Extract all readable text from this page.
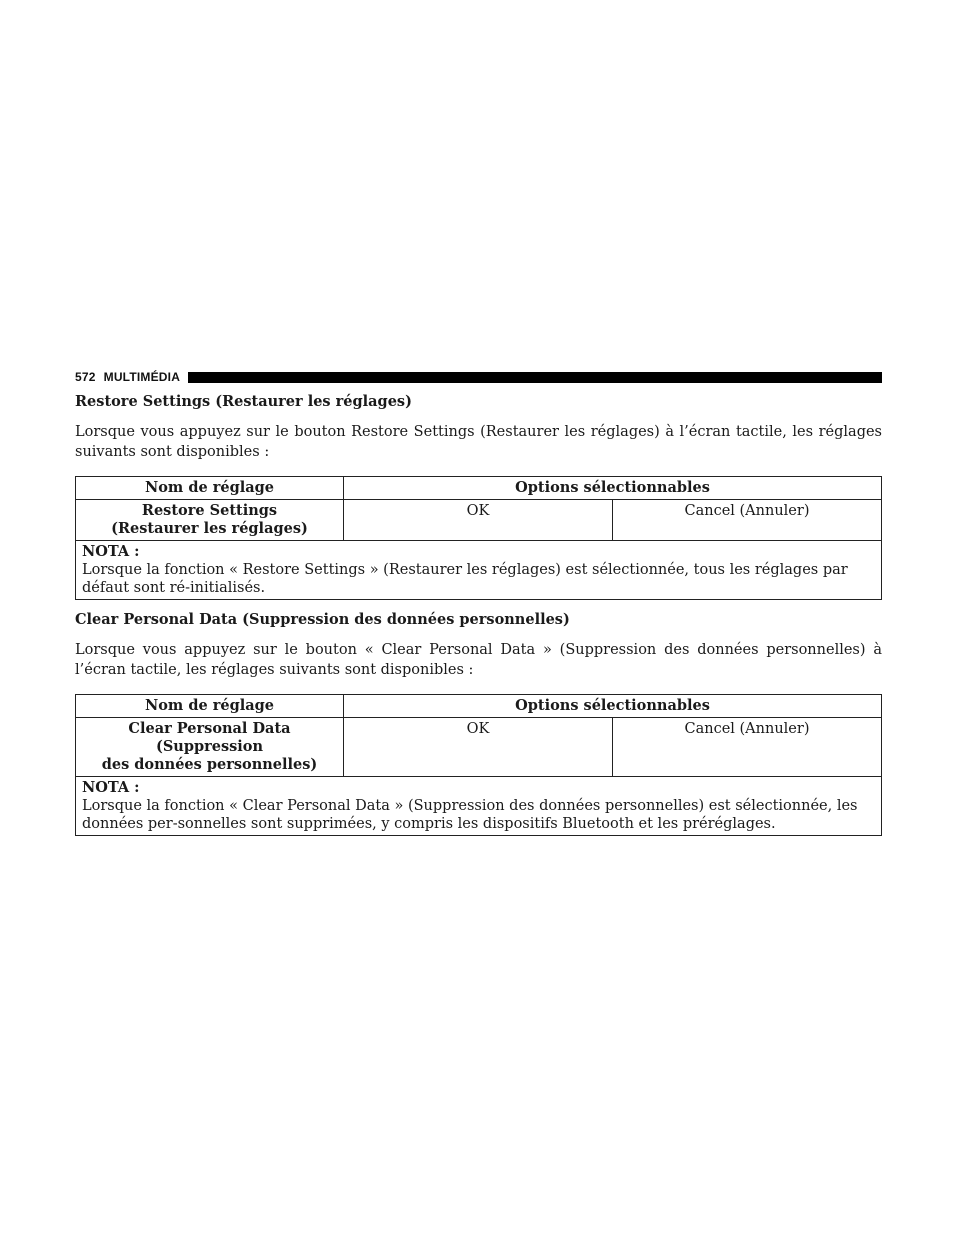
572 MULTIMÉDIA
Restore Settings (Restaurer les réglages)

Lorsque vous appuyez sur le bouton Restore Settings (Restaurer les réglages) à l’écran tactile, les réglages suivants sont disponibles :

Nom de réglage	Options sélectionnables	
Restore Settings
(Restaurer les réglages)	OK	Cancel (Annuler)

NOTA :
Lorsque la fonction « Restore Settings » (Restaurer les réglages) est sélectionnée, tous les réglages par défaut sont ré-initialisés.		
Clear Personal Data (Suppression des données personnelles)

Lorsque vous appuyez sur le bouton « Clear Personal Data » (Suppression des données personnelles) à l’écran tactile, les réglages suivants sont disponibles :

Nom de réglage	Options sélectionnables	
Clear Personal Data (Suppression
des données personnelles)	OK	Cancel (Annuler)

NOTA :
Lorsque la fonction « Clear Personal Data » (Suppression des données personnelles) est sélectionnée, les données per-sonnelles sont supprimées, y compris les dispositifs Bluetooth et les préréglages.		
